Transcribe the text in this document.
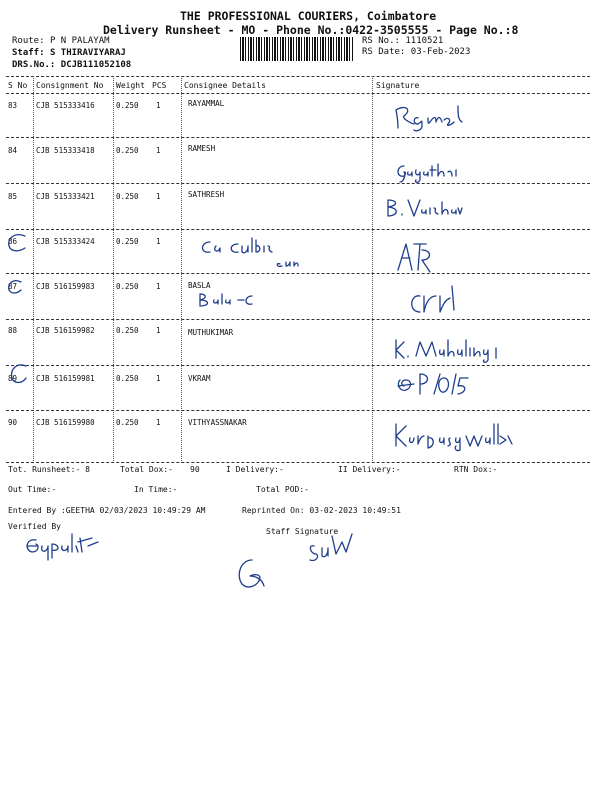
THE PROFESSIONAL COURIERS, Coimbatore
Delivery Runsheet - MO - Phone No.:0422-3505555 - Page No.:8
Route: P N PALAYAM
Staff: S THIRAVIYARAJ
DRS.No.: DCJB111052108
RS No.: 1110521
RS Date: 03-Feb-2023
S No Consignment No Weight PCS Consignee Details	Signature
83	CJB 515333416	0.250 1	RAYAMMAL
84	CJB 515333418	0.250 1	RAMESH
85	CJB 515333421	0.250 1	SATHRESH
86	CJB 515333424	0.250 1
87	CJB 516159983	0.250 1	BASLA
88	CJB 516159982	0.250 1	MUTHUKIMAR
89	CJB 516159981	0.250 1	VKRAM
90	CJB 516159980	0.250 1	VITHYASSNAKAR
Tot. Runsheet:- 8	Total Dox:- 90	I Delivery:-	II Delivery:-	RTN Dox:-
Out Time:-	In Time:-	Total POD:-
Entered By :GEETHA 02/03/2023 10:49:29 AM	Reprinted On: 03-02-2023 10:49:51
Verified By
Staff Signature
